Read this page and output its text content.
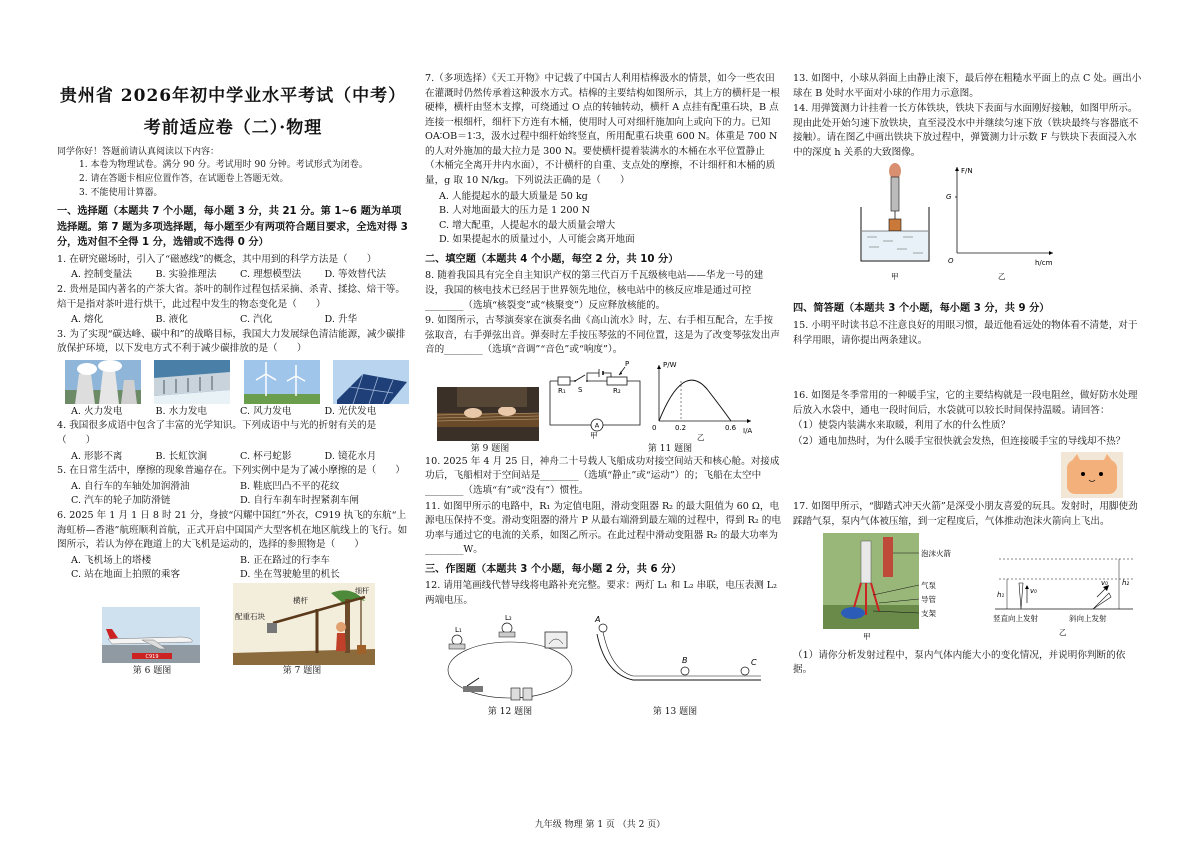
贵州省 2026年初中学业水平考试（中考）
考前适应卷（二）·物理

同学你好！答题前请认真阅读以下内容：

1. 本卷为物理试卷。满分 90 分。考试用时 90 分钟。考试形式为闭卷。

2. 请在答题卡相应位置作答，在试题卷上答题无效。

3. 不能使用计算器。

一、选择题（本题共 7 个小题，每小题 3 分，共 21 分。第 1~6 题为单项选择题。第 7 题为多项选择题，每小题至少有两项符合题目要求，全选对得 3 分，选对但不全得 1 分，选错或不选得 0 分）

1. 在研究磁场时，引入了“磁感线”的概念，其中用到的科学方法是（　　）

A. 控制变量法	B. 实验推理法	C. 理想模型法	D. 等效替代法

2. 贵州是国内著名的产茶大省。茶叶的制作过程包括采摘、杀青、揉捻、焙干等。焙干是指对茶叶进行烘干，此过程中发生的物态变化是（　　）

A. 熔化	B. 液化	C. 汽化	D. 升华

3. 为了实现“碳达峰、碳中和”的战略目标，我国大力发展绿色清洁能源，减少碳排放保护环境，以下发电方式不利于减少碳排放的是（　　）

A. 火力发电	B. 水力发电	C. 风力发电	D. 光伏发电

4. 我国很多成语中包含了丰富的光学知识。下列成语中与光的折射有关的是（　　）

A. 形影不离	B. 长虹饮涧	C. 杯弓蛇影	D. 镜花水月

5. 在日常生活中，摩擦的现象普遍存在。下列实例中是为了减小摩擦的是（　　）

A. 自行车的车轴处加润滑油	B. 鞋底凹凸不平的花纹
C. 汽车的轮子加防滑链	D. 自行车刹车时捏紧刹车闸

6. 2025 年 1 月 1 日 8 时 21 分，身披“闪耀中国红”外衣，C919 执飞的东航“上海虹桥—香港”航班顺利首航，正式开启中国国产大型客机在地区航线上的飞行。如图所示，若认为停在跑道上的大飞机是运动的，选择的参照物是（　　）

A. 飞机场上的塔楼	B. 正在路过的行李车
C. 站在地面上拍照的乘客	D. 坐在驾驶舱里的机长
C919
第 6 题图
横杆
配重石块
细杆
第 7 题图

7.（多项选择）《天工开物》中记载了中国古人利用桔槔汲水的情景，如今一些农田在灌溉时仍然传承着这种汲水方式。桔槔的主要结构如图所示，其上方的横杆是一根硬棒，横杆由竖木支撑，可绕通过 O 点的转轴转动，横杆 A 点挂有配重石块，B 点连接一根细杆，细杆下方连有木桶，使用时人可对细杆施加向上或向下的力。已知 OA∶OB＝1∶3，汲水过程中细杆始终竖直，所用配重石块重 600 N。体重是 700 N 的人对外施加的最大拉力是 300 N。要使横杆提着装满水的木桶在水平位置静止（木桶完全离开井内水面），不计横杆的自重、支点处的摩擦，不计细杆和木桶的质量，g 取 10 N/kg。下列说法正确的是（　　）

A. 人能提起水的最大质量是 50 kg

B. 人对地面最大的压力是 1 200 N

C. 增大配重，人提起水的最大质量会增大

D. 如果提起水的质量过小，人可能会离开地面

二、填空题（本题共 4 个小题，每空 2 分，共 10 分）

8. 随着我国具有完全自主知识产权的第三代百万千瓦级核电站——华龙一号的建设，我国的核电技术已经居于世界领先地位，核电站中的核反应堆是通过可控________（选填“核裂变”或“核聚变”）反应释放核能的。

9. 如图所示，古琴演奏家在演奏名曲《高山流水》时，左、右手相互配合，左手按弦取音，右手弹弦出音。弹奏时左手按压琴弦的不同位置，这是为了改变琴弦发出声音的________（选填“音调”“音色”或“响度”）。

第 9 题图
R₁ S
P
R₂
A
甲
P/W
I/A
0	0.2	0.6
乙
第 11 题图

10. 2025 年 4 月 25 日，神舟二十号载人飞船成功对接空间站天和核心舱。对接成功后，飞船相对于空间站是________（选填“静止”或“运动”）的；飞船在太空中________（选填“有”或“没有”）惯性。

11. 如图甲所示的电路中，R₁ 为定值电阻，滑动变阻器 R₂ 的最大阻值为 60 Ω，电源电压保持不变。滑动变阻器的滑片 P 从最右端滑到最左端的过程中，得到 R₂ 的电功率与通过它的电流的关系，如图乙所示。在此过程中滑动变阻器 R₂ 的最大功率为________W。

三、作图题（本题共 3 个小题，每小题 2 分，共 6 分）

12. 请用笔画线代替导线将电路补充完整。要求：两灯 L₁ 和 L₂ 串联，电压表测 L₂ 两端电压。

L₁
L₂
第 12 题图
A
B	C
第 13 题图

13. 如图中，小球从斜面上由静止滚下，最后停在粗糙水平面上的点 C 处。画出小球在 B 处时水平面对小球的作用力示意图。

14. 用弹簧测力计挂着一长方体铁块，铁块下表面与水面刚好接触，如图甲所示。现由此处开始匀速下放铁块，直至浸没水中并继续匀速下放（铁块最终与容器底不接触）。请在图乙中画出铁块下放过程中，弹簧测力计示数 F 与铁块下表面浸入水中的深度 h 关系的大致图像。

甲
F/N
G
O	h/cm
乙

四、简答题（本题共 3 个小题，每小题 3 分，共 9 分）

15. 小明平时读书总不注意良好的用眼习惯，最近他看远处的物体看不清楚，对于科学用眼，请你提出两条建议。

16. 如图是冬季常用的一种暖手宝，它的主要结构就是一段电阻丝，做好防水处理后放入水袋中，通电一段时间后，水袋就可以较长时间保持温暖。请回答：

（1）使袋内装满水来取暖，利用了水的什么性质？

（2）通电加热时，为什么暖手宝很快就会发热，但连接暖手宝的导线却不热？

17. 如图甲所示，“脚踏式冲天火箭”是深受小朋友喜爱的玩具。发射时，用脚使劲踩踏气泵，泵内气体被压缩，到一定程度后，气体推动泡沫火箭向上飞出。

泡沫火箭
气泵
导管
支架
甲
h₁
h₂
v₀
v₀
竖直向上发射	斜向上发射
乙

（1）请你分析发射过程中，泵内气体内能大小的变化情况，并说明你判断的依据。

九年级 物理 第 1 页 （共 2 页）
